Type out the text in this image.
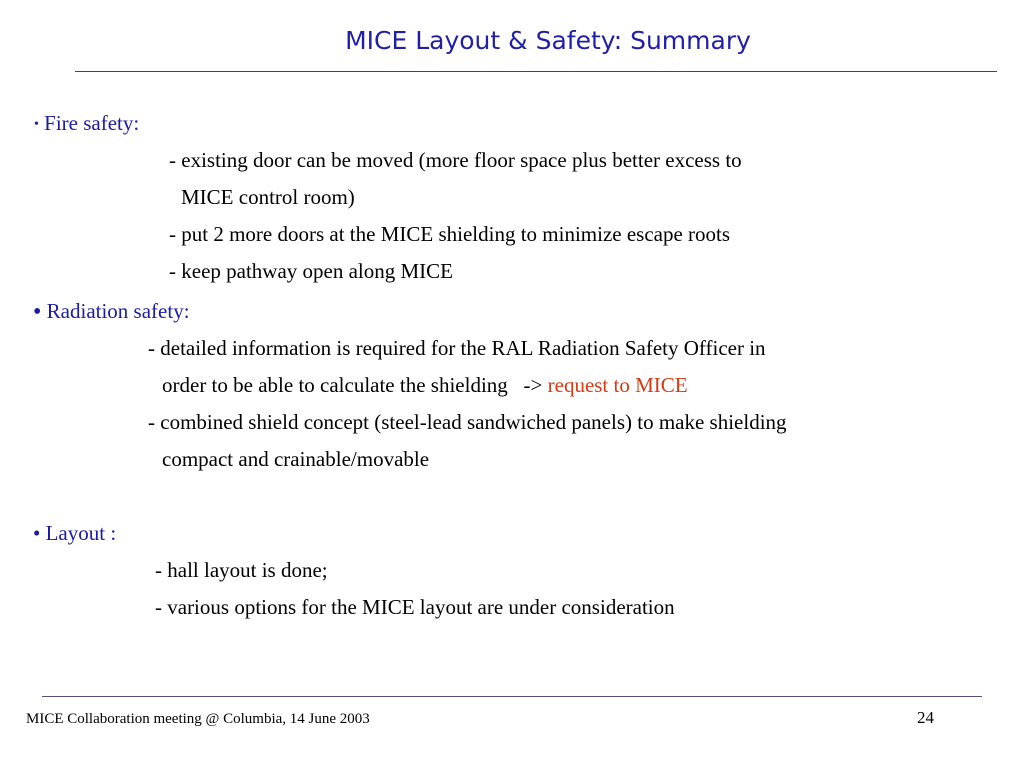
MICE Layout & Safety: Summary
• Fire safety:
- existing door can be moved (more floor space plus better excess to
MICE control room)
- put 2 more doors at the MICE shielding to minimize escape roots
- keep pathway open along MICE
• Radiation safety:
- detailed information is required for the RAL Radiation Safety Officer in
order to be able to calculate the shielding   -> request to MICE
- combined shield concept (steel-lead sandwiched panels) to make shielding
compact and crainable/movable
• Layout :
- hall layout is done;
- various options for the MICE layout are under consideration
MICE Collaboration meeting @ Columbia, 14 June 2003	24
